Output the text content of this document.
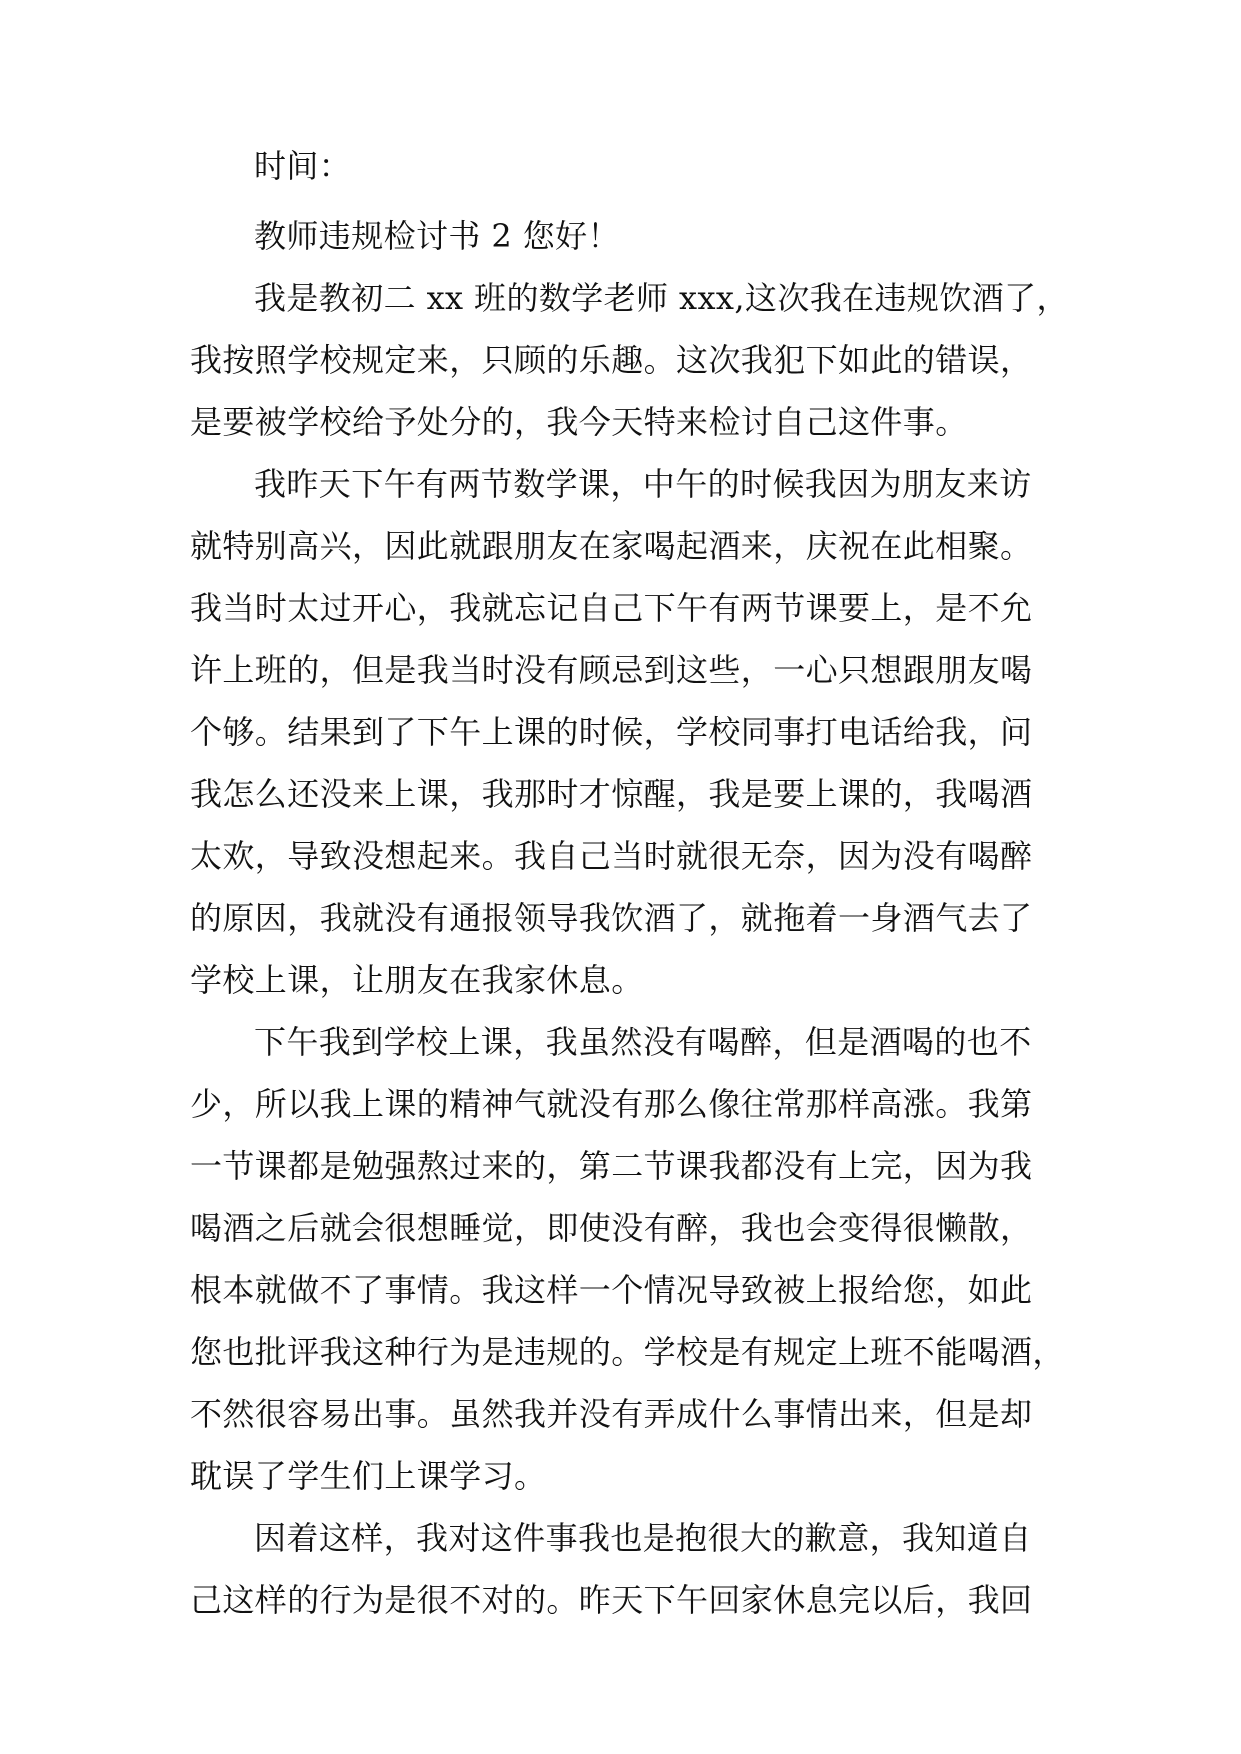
时间：

教师违规检讨书 2 您好！

我是教初二 xx 班的数学老师 xxx,这次我在违规饮酒了，

我按照学校规定来，只顾的乐趣。这次我犯下如此的错误，

是要被学校给予处分的，我今天特来检讨自己这件事。

我昨天下午有两节数学课，中午的时候我因为朋友来访

就特别高兴，因此就跟朋友在家喝起酒来，庆祝在此相聚。

我当时太过开心，我就忘记自己下午有两节课要上，是不允

许上班的，但是我当时没有顾忌到这些，一心只想跟朋友喝

个够。结果到了下午上课的时候，学校同事打电话给我，问

我怎么还没来上课，我那时才惊醒，我是要上课的，我喝酒

太欢，导致没想起来。我自己当时就很无奈，因为没有喝醉

的原因，我就没有通报领导我饮酒了，就拖着一身酒气去了

学校上课，让朋友在我家休息。

下午我到学校上课，我虽然没有喝醉，但是酒喝的也不

少，所以我上课的精神气就没有那么像往常那样高涨。我第

一节课都是勉强熬过来的，第二节课我都没有上完，因为我

喝酒之后就会很想睡觉，即使没有醉，我也会变得很懒散，

根本就做不了事情。我这样一个情况导致被上报给您，如此

您也批评我这种行为是违规的。学校是有规定上班不能喝酒，

不然很容易出事。虽然我并没有弄成什么事情出来，但是却

耽误了学生们上课学习。

因着这样，我对这件事我也是抱很大的歉意，我知道自

己这样的行为是很不对的。昨天下午回家休息完以后，我回
